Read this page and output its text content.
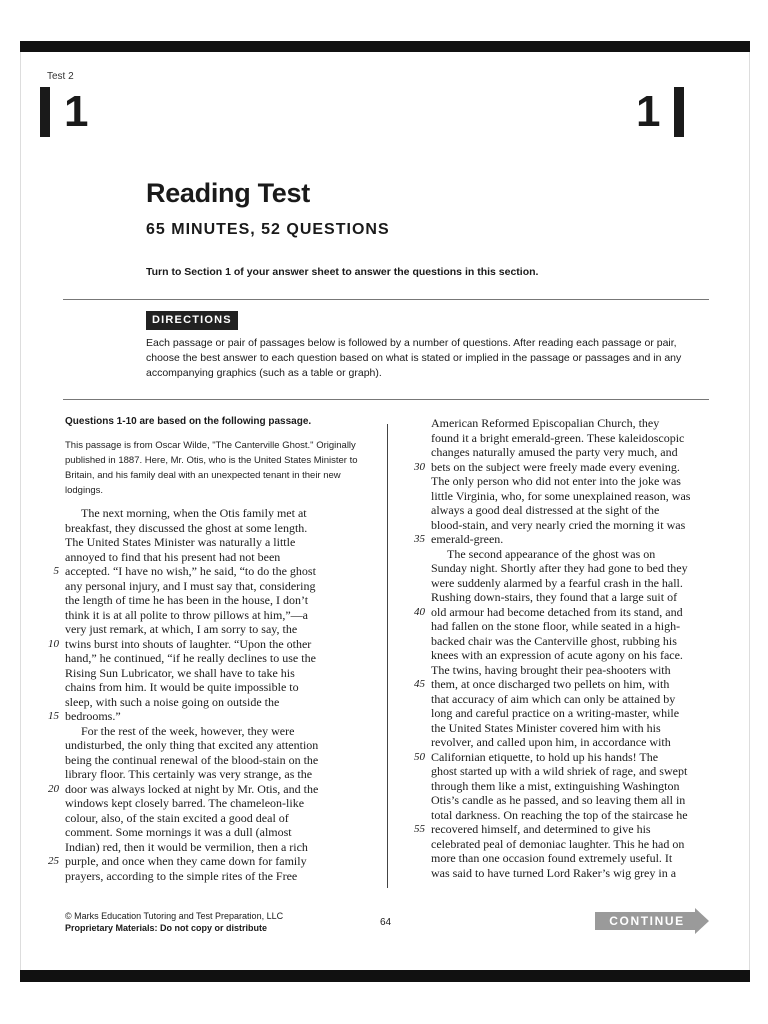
Test 2
1	1
Reading Test
65 MINUTES, 52 QUESTIONS
Turn to Section 1 of your answer sheet to answer the questions in this section.
DIRECTIONS
Each passage or pair of passages below is followed by a number of questions. After reading each passage or pair, choose the best answer to each question based on what is stated or implied in the passage or passages and in any accompanying graphics (such as a table or graph).
Questions 1-10 are based on the following passage.
This passage is from Oscar Wilde, "The Canterville Ghost." Originally published in 1887. Here, Mr. Otis, who is the United States Minister to Britain, and his family deal with an unexpected tenant in their new lodgings.
The next morning, when the Otis family met at
breakfast, they discussed the ghost at some length.
The United States Minister was naturally a little
annoyed to find that his present had not been
5 accepted. “I have no wish,” he said, “to do the ghost
any personal injury, and I must say that, considering
the length of time he has been in the house, I don’t
think it is at all polite to throw pillows at him,”—a
very just remark, at which, I am sorry to say, the
10 twins burst into shouts of laughter. “Upon the other
hand,” he continued, “if he really declines to use the
Rising Sun Lubricator, we shall have to take his
chains from him. It would be quite impossible to
sleep, with such a noise going on outside the
15 bedrooms.”
For the rest of the week, however, they were
undisturbed, the only thing that excited any attention
being the continual renewal of the blood-stain on the
library floor. This certainly was very strange, as the
20 door was always locked at night by Mr. Otis, and the
windows kept closely barred. The chameleon-like
colour, also, of the stain excited a good deal of
comment. Some mornings it was a dull (almost
Indian) red, then it would be vermilion, then a rich
25 purple, and once when they came down for family
prayers, according to the simple rites of the Free
American Reformed Episcopalian Church, they
found it a bright emerald-green. These kaleidoscopic
changes naturally amused the party very much, and
30 bets on the subject were freely made every evening.
The only person who did not enter into the joke was
little Virginia, who, for some unexplained reason, was
always a good deal distressed at the sight of the
blood-stain, and very nearly cried the morning it was
35 emerald-green.
The second appearance of the ghost was on
Sunday night. Shortly after they had gone to bed they
were suddenly alarmed by a fearful crash in the hall.
Rushing down-stairs, they found that a large suit of
40 old armour had become detached from its stand, and
had fallen on the stone floor, while seated in a high-
backed chair was the Canterville ghost, rubbing his
knees with an expression of acute agony on his face.
The twins, having brought their pea-shooters with
45 them, at once discharged two pellets on him, with
that accuracy of aim which can only be attained by
long and careful practice on a writing-master, while
the United States Minister covered him with his
revolver, and called upon him, in accordance with
50 Californian etiquette, to hold up his hands! The
ghost started up with a wild shriek of rage, and swept
through them like a mist, extinguishing Washington
Otis’s candle as he passed, and so leaving them all in
total darkness. On reaching the top of the staircase he
55 recovered himself, and determined to give his
celebrated peal of demoniac laughter. This he had on
more than one occasion found extremely useful. It
was said to have turned Lord Raker’s wig grey in a
© Marks Education Tutoring and Test Preparation, LLC
Proprietary Materials: Do not copy or distribute	64	CONTINUE
